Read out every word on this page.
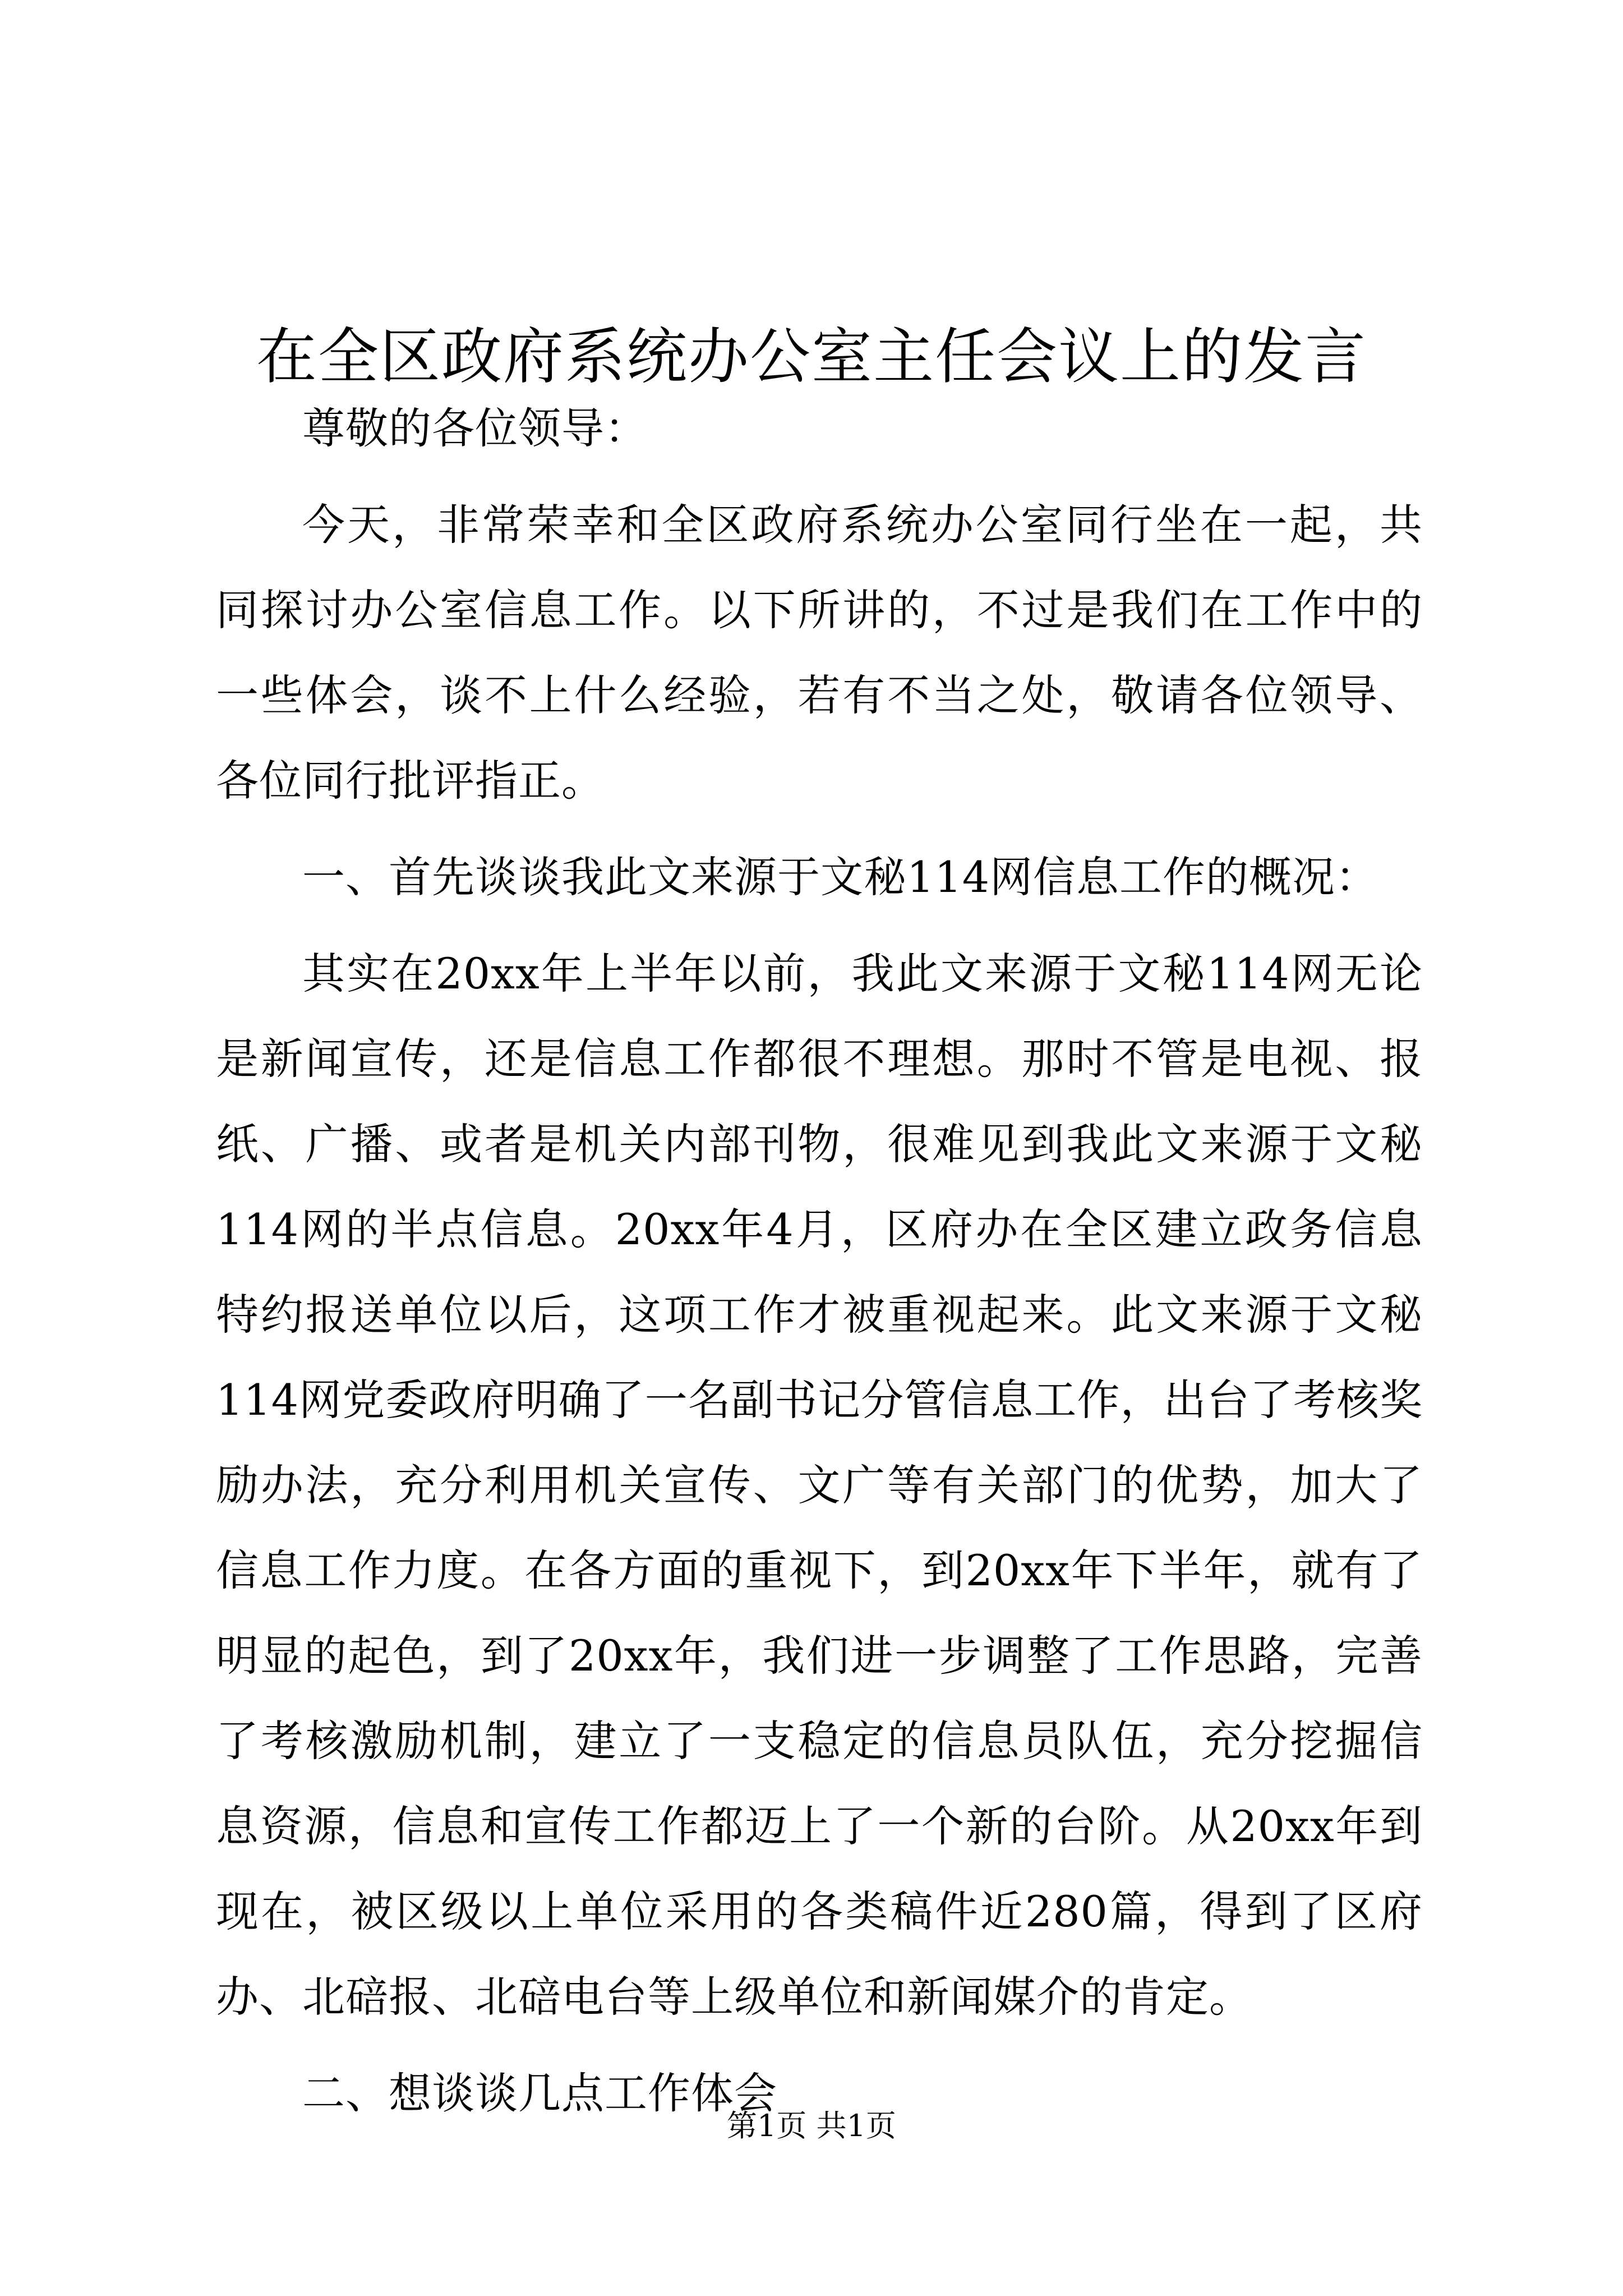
在全区政府系统办公室主任会议上的发言

尊敬的各位领导：

今天，非常荣幸和全区政府系统办公室同行坐在一起，共同探讨办公室信息工作。以下所讲的，不过是我们在工作中的一些体会，谈不上什么经验，若有不当之处，敬请各位领导、各位同行批评指正。

一、首先谈谈我此文来源于文秘114网信息工作的概况：

其实在20xx年上半年以前，我此文来源于文秘114网无论是新闻宣传，还是信息工作都很不理想。那时不管是电视、报纸、广播、或者是机关内部刊物，很难见到我此文来源于文秘114网的半点信息。20xx年4月，区府办在全区建立政务信息特约报送单位以后，这项工作才被重视起来。此文来源于文秘114网党委政府明确了一名副书记分管信息工作，出台了考核奖励办法，充分利用机关宣传、文广等有关部门的优势，加大了信息工作力度。在各方面的重视下，到20xx年下半年，就有了明显的起色，到了20xx年，我们进一步调整了工作思路，完善了考核激励机制，建立了一支稳定的信息员队伍，充分挖掘信息资源，信息和宣传工作都迈上了一个新的台阶。从20xx年到现在，被区级以上单位采用的各类稿件近280篇，得到了区府办、北碚报、北碚电台等上级单位和新闻媒介的肯定。

二、想谈谈几点工作体会

第1页 共1页
